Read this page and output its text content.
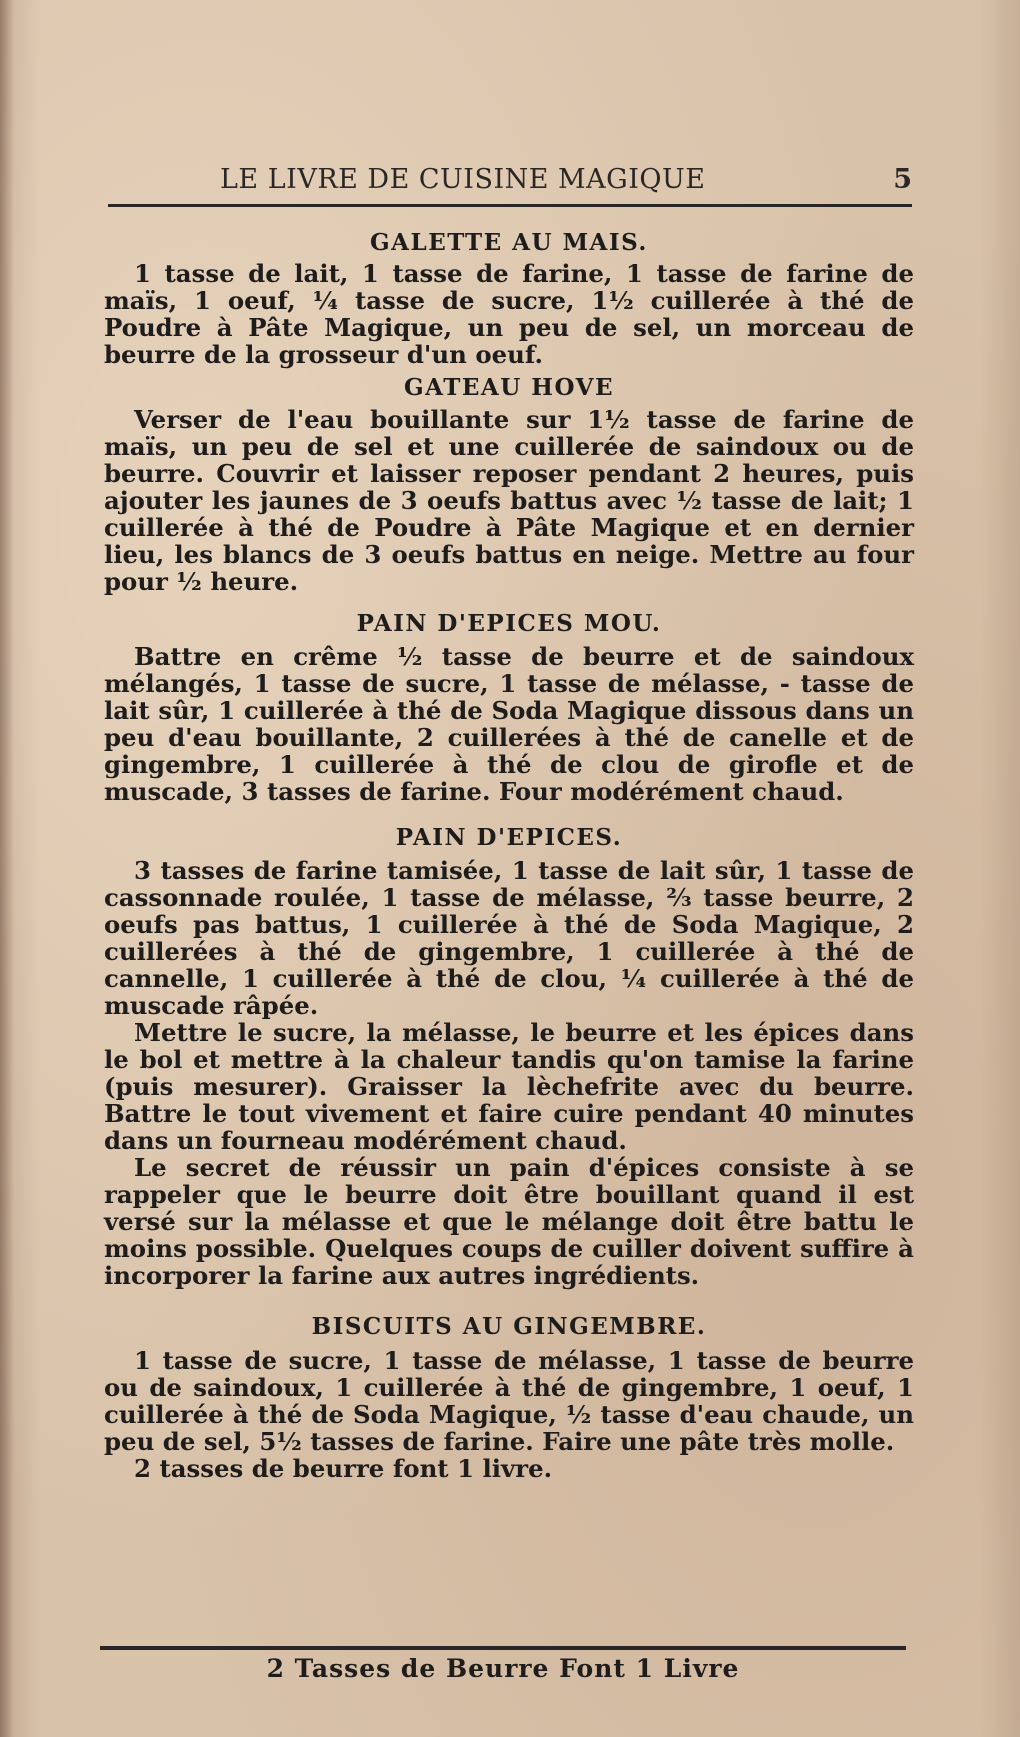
LE LIVRE DE CUISINE MAGIQUE	5
GALETTE AU MAIS.

1 tasse de lait, 1 tasse de farine, 1 tasse de farine de maïs, 1 oeuf, ¼ tasse de sucre, 1½ cuillerée à thé de Poudre à Pâte Magique, un peu de sel, un morceau de beurre de la grosseur d'un oeuf.

GATEAU HOVE

Verser de l'eau bouillante sur 1½ tasse de farine de maïs, un peu de sel et une cuillerée de saindoux ou de beurre. Couvrir et laisser reposer pendant 2 heures, puis ajouter les jaunes de 3 oeufs battus avec ½ tasse de lait; 1 cuillerée à thé de Poudre à Pâte Magique et en dernier lieu, les blancs de 3 oeufs battus en neige. Mettre au four pour ½ heure.

PAIN D'EPICES MOU.

Battre en crême ½ tasse de beurre et de saindoux mélangés, 1 tasse de sucre, 1 tasse de mélasse, - tasse de lait sûr, 1 cuillerée à thé de Soda Magique dissous dans un peu d'eau bouillante, 2 cuillerées à thé de canelle et de gingembre, 1 cuillerée à thé de clou de girofle et de muscade, 3 tasses de farine. Four modérément chaud.

PAIN D'EPICES.

3 tasses de farine tamisée, 1 tasse de lait sûr, 1 tasse de cassonnade roulée, 1 tasse de mélasse, ⅔ tasse beurre, 2 oeufs pas battus, 1 cuillerée à thé de Soda Magique, 2 cuillerées à thé de gingembre, 1 cuillerée à thé de cannelle, 1 cuillerée à thé de clou, ¼ cuillerée à thé de muscade râpée.

Mettre le sucre, la mélasse, le beurre et les épices dans le bol et mettre à la chaleur tandis qu'on tamise la farine (puis mesurer). Graisser la lèchefrite avec du beurre. Battre le tout vivement et faire cuire pendant 40 minutes dans un fourneau modérément chaud.

Le secret de réussir un pain d'épices consiste à se rappeler que le beurre doit être bouillant quand il est versé sur la mélasse et que le mélange doit être battu le moins possible. Quelques coups de cuiller doivent suffire à incorporer la farine aux autres ingrédients.

BISCUITS AU GINGEMBRE.

1 tasse de sucre, 1 tasse de mélasse, 1 tasse de beurre ou de saindoux, 1 cuillerée à thé de gingembre, 1 oeuf, 1 cuillerée à thé de Soda Magique, ½ tasse d'eau chaude, un peu de sel, 5½ tasses de farine. Faire une pâte très molle.

2 tasses de beurre font 1 livre.

2 Tasses de Beurre Font 1 Livre
